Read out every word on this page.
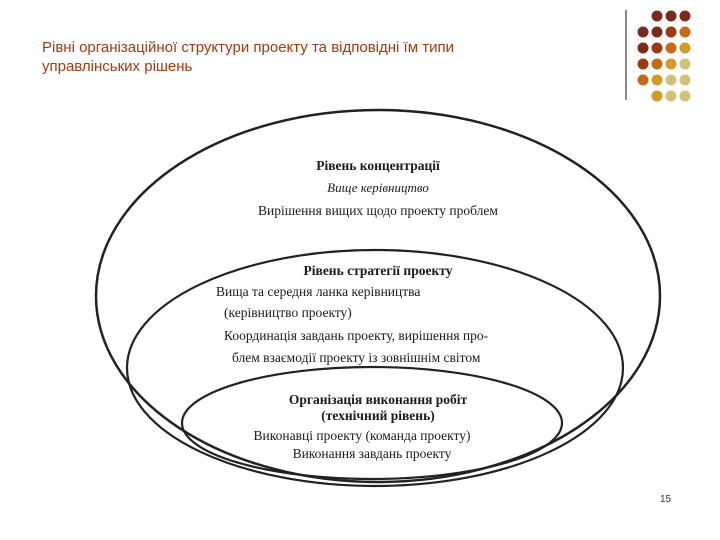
Рівні організаційної структури проекту та відповідні їм типи
управлінських рішень
Рівень концентрації
Вище керівництво
Вирішення вищих щодо проекту проблем
Рівень стратегії проекту
Вища та середня ланка керівництва
(керівництво проекту)
Координація завдань проекту, вирішення про-
блем взаємодії проекту із зовнішнім світом
Організація виконання робіт
(технічний рівень)
Виконавці проекту (команда проекту)
Виконання завдань проекту
15
